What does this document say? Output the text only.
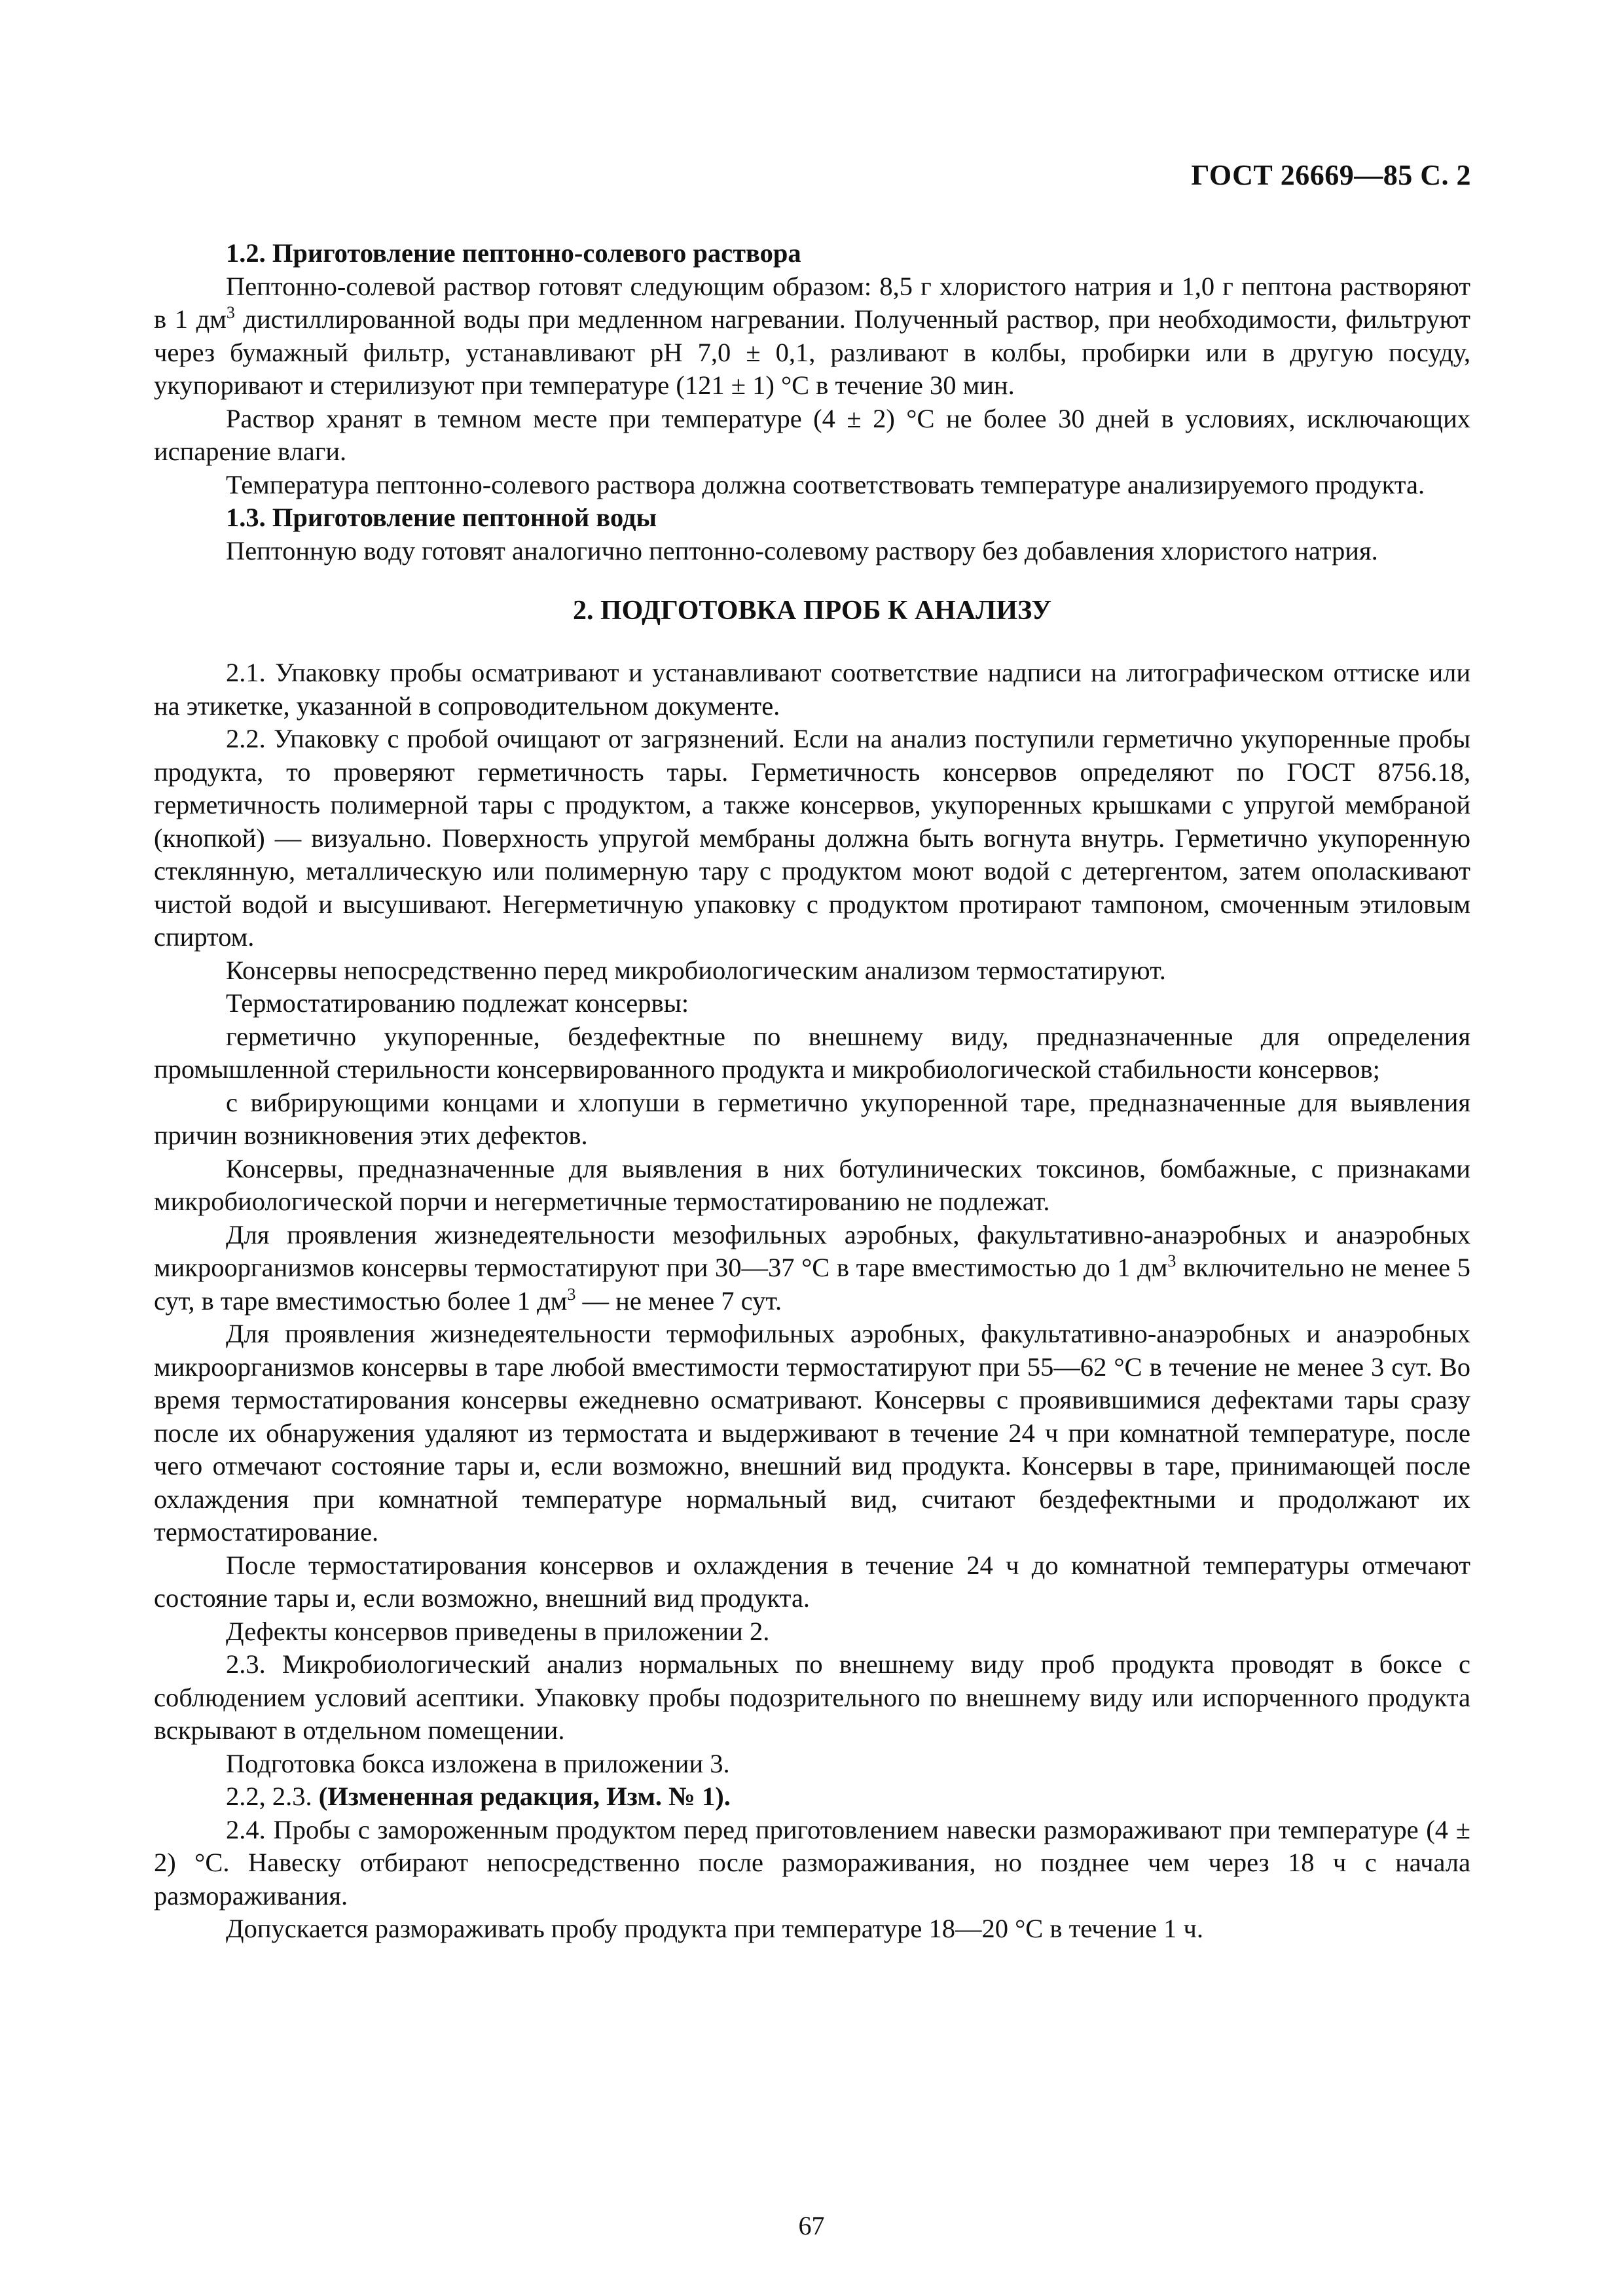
ГОСТ 26669—85 С. 2

1.2. Приготовление пептонно-солевого раствора

Пептонно-солевой раствор готовят следующим образом: 8,5 г хлористого натрия и 1,0 г пептона растворяют в 1 $дм^3$ дистиллированной воды при медленном нагревании. Полученный раствор, при необходимости, фильтруют через бумажный фильтр, устанавливают рН 7,0 ± 0,1, разливают в колбы, пробирки или в другую посуду, укупоривают и стерилизуют при температуре (121 ± 1) °С в течение 30 мин.

Раствор хранят в темном месте при температуре (4 ± 2) °С не более 30 дней в условиях, исключающих испарение влаги.

Температура пептонно-солевого раствора должна соответствовать температуре анализируемого продукта.

1.3. Приготовление пептонной воды

Пептонную воду готовят аналогично пептонно-солевому раствору без добавления хлористого натрия.

2. ПОДГОТОВКА ПРОБ К АНАЛИЗУ

2.1. Упаковку пробы осматривают и устанавливают соответствие надписи на литографическом оттиске или на этикетке, указанной в сопроводительном документе.

2.2. Упаковку с пробой очищают от загрязнений. Если на анализ поступили герметично укупоренные пробы продукта, то проверяют герметичность тары. Герметичность консервов определяют по ГОСТ 8756.18, герметичность полимерной тары с продуктом, а также консервов, укупоренных крышками с упругой мембраной (кнопкой) — визуально. Поверхность упругой мембраны должна быть вогнута внутрь. Герметично укупоренную стеклянную, металлическую или полимерную тару с продуктом моют водой с детергентом, затем ополаскивают чистой водой и высушивают. Негерметичную упаковку с продуктом протирают тампоном, смоченным этиловым спиртом.

Консервы непосредственно перед микробиологическим анализом термостатируют.

Термостатированию подлежат консервы:

герметично укупоренные, бездефектные по внешнему виду, предназначенные для определения промышленной стерильности консервированного продукта и микробиологической стабильности консервов;

с вибрирующими концами и хлопуши в герметично укупоренной таре, предназначенные для выявления причин возникновения этих дефектов.

Консервы, предназначенные для выявления в них ботулинических токсинов, бомбажные, с признаками микробиологической порчи и негерметичные термостатированию не подлежат.

Для проявления жизнедеятельности мезофильных аэробных, факультативно-анаэробных и анаэробных микроорганизмов консервы термостатируют при 30—37 °С в таре вместимостью до 1 $дм^3$ включительно не менее 5 сут, в таре вместимостью более 1 $дм^3$ — не менее 7 сут.

Для проявления жизнедеятельности термофильных аэробных, факультативно-анаэробных и анаэробных микроорганизмов консервы в таре любой вместимости термостатируют при 55—62 °С в течение не менее 3 сут. Во время термостатирования консервы ежедневно осматривают. Консервы с проявившимися дефектами тары сразу после их обнаружения удаляют из термостата и выдерживают в течение 24 ч при комнатной температуре, после чего отмечают состояние тары и, если возможно, внешний вид продукта. Консервы в таре, принимающей после охлаждения при комнатной температуре нормальный вид, считают бездефектными и продолжают их термостатирование.

После термостатирования консервов и охлаждения в течение 24 ч до комнатной температуры отмечают состояние тары и, если возможно, внешний вид продукта.

Дефекты консервов приведены в приложении 2.

2.3. Микробиологический анализ нормальных по внешнему виду проб продукта проводят в боксе с соблюдением условий асептики. Упаковку пробы подозрительного по внешнему виду или испорченного продукта вскрывают в отдельном помещении.

Подготовка бокса изложена в приложении 3.

2.2, 2.3. (Измененная редакция, Изм. № 1).

2.4. Пробы с замороженным продуктом перед приготовлением навески размораживают при температуре (4 ± 2) °С. Навеску отбирают непосредственно после размораживания, но позднее чем через 18 ч с начала размораживания.

Допускается размораживать пробу продукта при температуре 18—20 °С в течение 1 ч.

67
